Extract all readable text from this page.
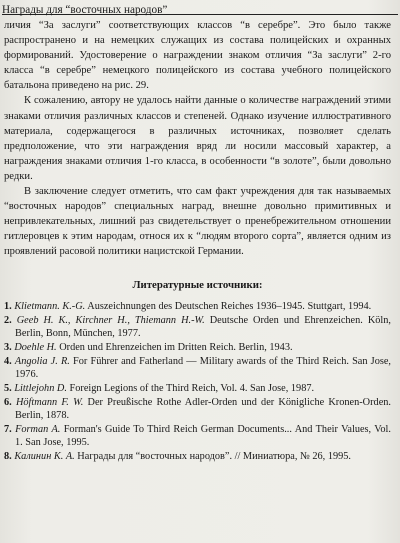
Награды для “восточных народов”

личия “За заслуги” соответствующих классов “в серебре”. Это было также распространено и на немецких служащих из состава полицейских и охранных формирований. Удостоверение о награждении знаком отличия “За заслуги” 2-го класса “в серебре” немецкого полицейского из состава учебного полицейского батальона приведено на рис. 29.

К сожалению, автору не удалось найти данные о количестве награждений этими знаками отличия различных классов и степеней. Однако изучение иллюстративного материала, содержащегося в различных источниках, позволяет сделать предположение, что эти награждения вряд ли носили массовый характер, а награждения знаками отличия 1-го класса, в особенности “в золоте”, были довольно редки.

В заключение следует отметить, что сам факт учреждения для так называемых “восточных народов” специальных наград, внешне довольно примитивных и непривлекательных, лишний раз свидетельствует о пренебрежительном отношении гитлеровцев к этим народам, относя их к “людям второго сорта”, является одним из проявлений расовой политики нацистской Германии.

Литературные источники:
1. Klietmann. K.-G. Auszeichnungen des Deutschen Reiches 1936–1945. Stuttgart, 1994.
2. Geeb H. K., Kirchner H., Thiemann H.-W. Deutsche Orden und Ehrenzeichen. Köln, Berlin, Bonn, München, 1977.
3. Doehle H. Orden und Ehrenzeichen im Dritten Reich. Berlin, 1943.
4. Angolia J. R. For Führer and Fatherland — Military awards of the Third Reich. San Jose, 1976.
5. Littlejohn D. Foreign Legions of the Third Reich, Vol. 4. San Jose, 1987.
6. Höftmann F. W. Der Preußische Rothe Adler-Orden und der Königliche Kronen-Orden. Berlin, 1878.
7. Forman A. Forman's Guide To Third Reich German Documents... And Their Values, Vol. 1. San Jose, 1995.
8. Калинин К. А. Награды для “восточных народов”. // Миниатюра, № 26, 1995.
